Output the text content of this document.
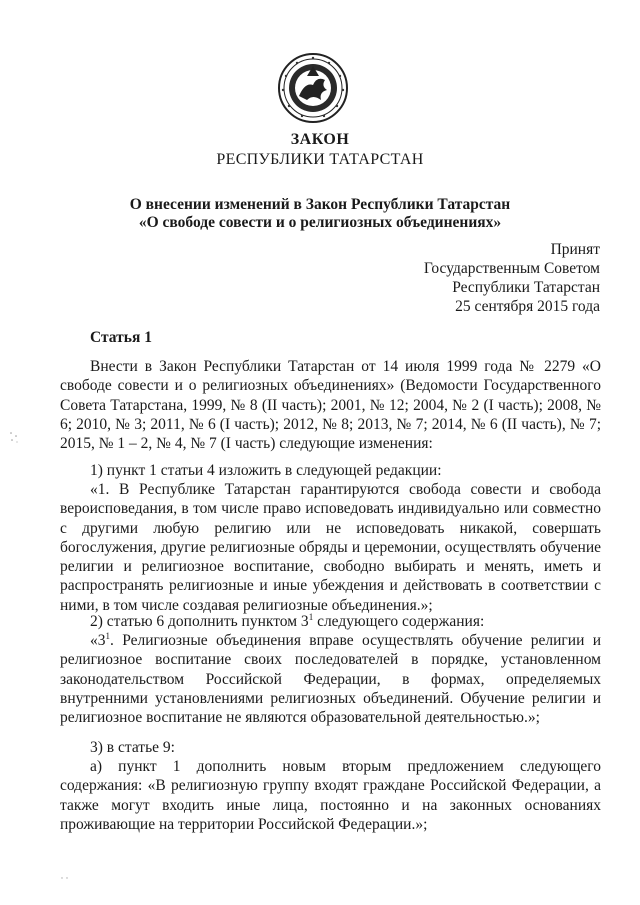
ЗАКОН
РЕСПУБЛИКИ ТАТАРСТАН
О внесении изменений в Закон Республики Татарстан
«О свободе совести и о религиозных объединениях»
Принят
Государственным Советом
Республики Татарстан
25 сентября 2015 года
Статья 1

Внести в Закон Республики Татарстан от 14 июля 1999 года № 2279 «О свободе совести и о религиозных объединениях» (Ведомости Государственного Совета Татарстана, 1999, № 8 (II часть); 2001, № 12; 2004, № 2 (I часть); 2008, № 6; 2010, № 3; 2011, № 6 (I часть); 2012, № 8; 2013, № 7; 2014, № 6 (II часть), № 7; 2015, № 1 – 2, № 4, № 7 (I часть) следующие изменения:

1) пункт 1 статьи 4 изложить в следующей редакции:

«1. В Республике Татарстан гарантируются свобода совести и свобода вероисповедания, в том числе право исповедовать индивидуально или совместно с другими любую религию или не исповедовать никакой, совершать богослужения, другие религиозные обряды и церемонии, осуществлять обучение религии и религиозное воспитание, свободно выбирать и менять, иметь и распространять религиозные и иные убеждения и действовать в соответствии с ними, в том числе создавая религиозные объединения.»;

2) статью 6 дополнить пунктом $3^1$ следующего содержания:

«$3^1$. Религиозные объединения вправе осуществлять обучение религии и религиозное воспитание своих последователей в порядке, установленном законодательством Российской Федерации, в формах, определяемых внутренними установлениями религиозных объединений. Обучение религии и религиозное воспитание не являются образовательной деятельностью.»;

3) в статье 9:

а) пункт 1 дополнить новым вторым предложением следующего содержания: «В религиозную группу входят граждане Российской Федерации, а также могут входить иные лица, постоянно и на законных основаниях проживающие на территории Российской Федерации.»;
